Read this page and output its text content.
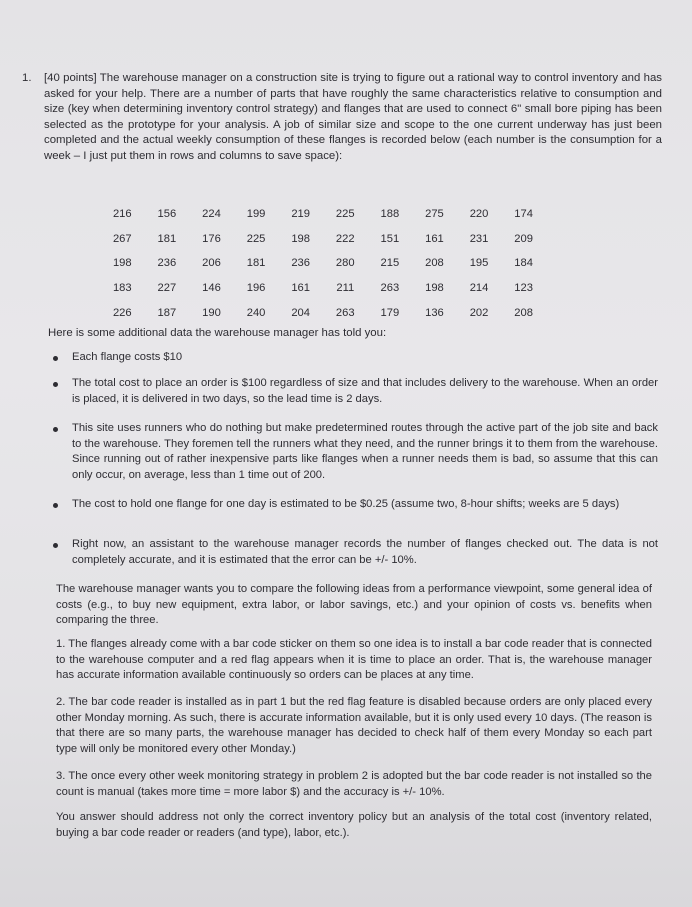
1. [40 points] The warehouse manager on a construction site is trying to figure out a rational way to control inventory and has asked for your help. There are a number of parts that have roughly the same characteristics relative to consumption and size (key when determining inventory control strategy) and flanges that are used to connect 6" small bore piping has been selected as the prototype for your analysis. A job of similar size and scope to the one current underway has just been completed and the actual weekly consumption of these flanges is recorded below (each number is the consumption for a week – I just put them in rows and columns to save space):
216	156	224	199	219	225	188	275	220	174
267	181	176	225	198	222	151	161	231	209
198	236	206	181	236	280	215	208	195	184
183	227	146	196	161	211	263	198	214	123
226	187	190	240	204	263	179	136	202	208
Here is some additional data the warehouse manager has told you:
Each flange costs $10
The total cost to place an order is $100 regardless of size and that includes delivery to the warehouse. When an order is placed, it is delivered in two days, so the lead time is 2 days.
This site uses runners who do nothing but make predetermined routes through the active part of the job site and back to the warehouse. They foremen tell the runners what they need, and the runner brings it to them from the warehouse. Since running out of rather inexpensive parts like flanges when a runner needs them is bad, so assume that this can only occur, on average, less than 1 time out of 200.
The cost to hold one flange for one day is estimated to be $0.25 (assume two, 8-hour shifts; weeks are 5 days)
Right now, an assistant to the warehouse manager records the number of flanges checked out. The data is not completely accurate, and it is estimated that the error can be +/- 10%.
The warehouse manager wants you to compare the following ideas from a performance viewpoint, some general idea of costs (e.g., to buy new equipment, extra labor, or labor savings, etc.) and your opinion of costs vs. benefits when comparing the three.
1. The flanges already come with a bar code sticker on them so one idea is to install a bar code reader that is connected to the warehouse computer and a red flag appears when it is time to place an order. That is, the warehouse manager has accurate information available continuously so orders can be places at any time.
2. The bar code reader is installed as in part 1 but the red flag feature is disabled because orders are only placed every other Monday morning. As such, there is accurate information available, but it is only used every 10 days. (The reason is that there are so many parts, the warehouse manager has decided to check half of them every Monday so each part type will only be monitored every other Monday.)
3. The once every other week monitoring strategy in problem 2 is adopted but the bar code reader is not installed so the count is manual (takes more time = more labor $) and the accuracy is +/- 10%.
You answer should address not only the correct inventory policy but an analysis of the total cost (inventory related, buying a bar code reader or readers (and type), labor, etc.).
